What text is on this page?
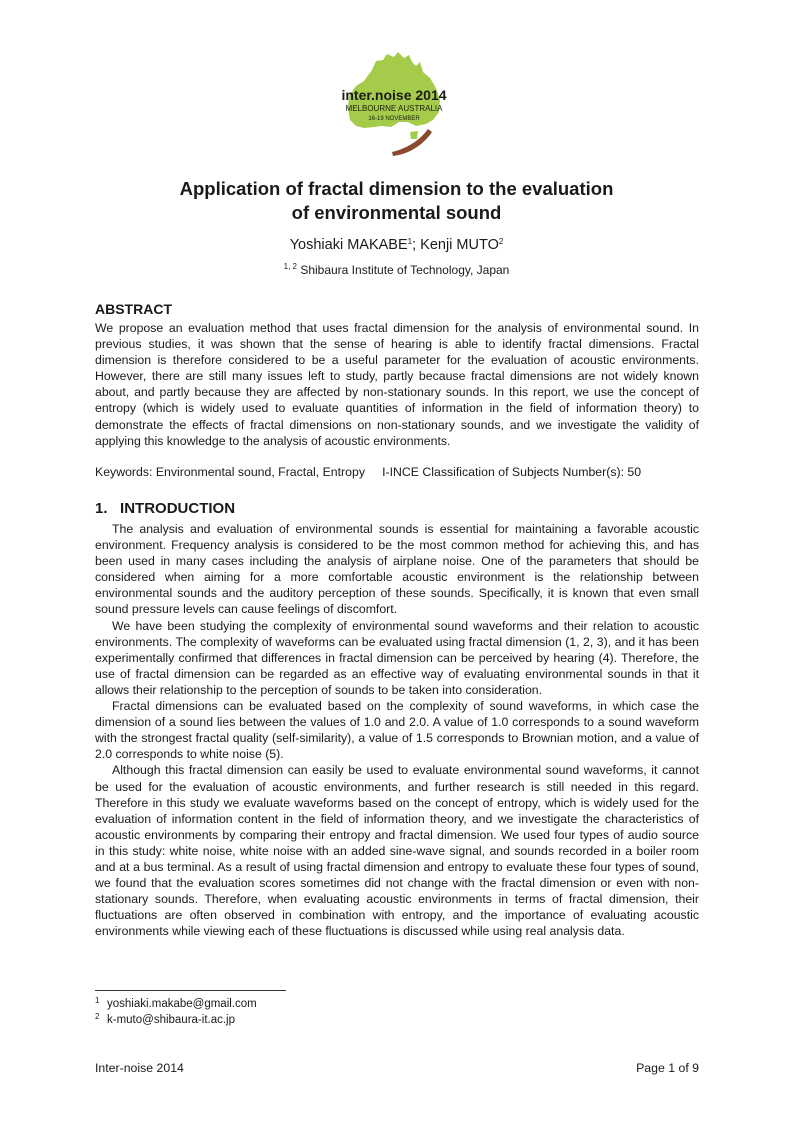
inter.noise 2014
MELBOURNE AUSTRALIA
16-19 NOVEMBER
Application of fractal dimension to the evaluation
of environmental sound
Yoshiaki MAKABE$^1$; Kenji MUTO$^2$
$^{1, 2}$ Shibaura Institute of Technology, Japan
ABSTRACT

We propose an evaluation method that uses fractal dimension for the analysis of environmental sound. In previous studies, it was shown that the sense of hearing is able to identify fractal dimensions. Fractal dimension is therefore considered to be a useful parameter for the evaluation of acoustic environments. However, there are still many issues left to study, partly because fractal dimensions are not widely known about, and partly because they are affected by non-stationary sounds. In this report, we use the concept of entropy (which is widely used to evaluate quantities of information in the field of information theory) to demonstrate the effects of fractal dimensions on non-stationary sounds, and we investigate the validity of applying this knowledge to the analysis of acoustic environments.

Keywords: Environmental sound, Fractal, Entropy I-INCE Classification of Subjects Number(s): 50
1. INTRODUCTION

The analysis and evaluation of environmental sounds is essential for maintaining a favorable acoustic environment. Frequency analysis is considered to be the most common method for achieving this, and has been used in many cases including the analysis of airplane noise. One of the parameters that should be considered when aiming for a more comfortable acoustic environment is the relationship between environmental sounds and the auditory perception of these sounds. Specifically, it is known that even small sound pressure levels can cause feelings of discomfort.

We have been studying the complexity of environmental sound waveforms and their relation to acoustic environments. The complexity of waveforms can be evaluated using fractal dimension (1, 2, 3), and it has been experimentally confirmed that differences in fractal dimension can be perceived by hearing (4). Therefore, the use of fractal dimension can be regarded as an effective way of evaluating environmental sounds in that it allows their relationship to the perception of sounds to be taken into consideration.

Fractal dimensions can be evaluated based on the complexity of sound waveforms, in which case the dimension of a sound lies between the values of 1.0 and 2.0. A value of 1.0 corresponds to a sound waveform with the strongest fractal quality (self-similarity), a value of 1.5 corresponds to Brownian motion, and a value of 2.0 corresponds to white noise (5).

Although this fractal dimension can easily be used to evaluate environmental sound waveforms, it cannot be used for the evaluation of acoustic environments, and further research is still needed in this regard. Therefore in this study we evaluate waveforms based on the concept of entropy, which is widely used for the evaluation of information content in the field of information theory, and we investigate the characteristics of acoustic environments by comparing their entropy and fractal dimension. We used four types of audio source in this study: white noise, white noise with an added sine-wave signal, and sounds recorded in a boiler room and at a bus terminal. As a result of using fractal dimension and entropy to evaluate these four types of sound, we found that the evaluation scores sometimes did not change with the fractal dimension or even with non-stationary sounds. Therefore, when evaluating acoustic environments in terms of fractal dimension, their fluctuations are often observed in combination with entropy, and the importance of evaluating acoustic environments while viewing each of these fluctuations is discussed while using real analysis data.

1 yoshiaki.makabe@gmail.com
2 k-muto@shibaura-it.ac.jp
Inter-noise 2014	Page 1 of 9
